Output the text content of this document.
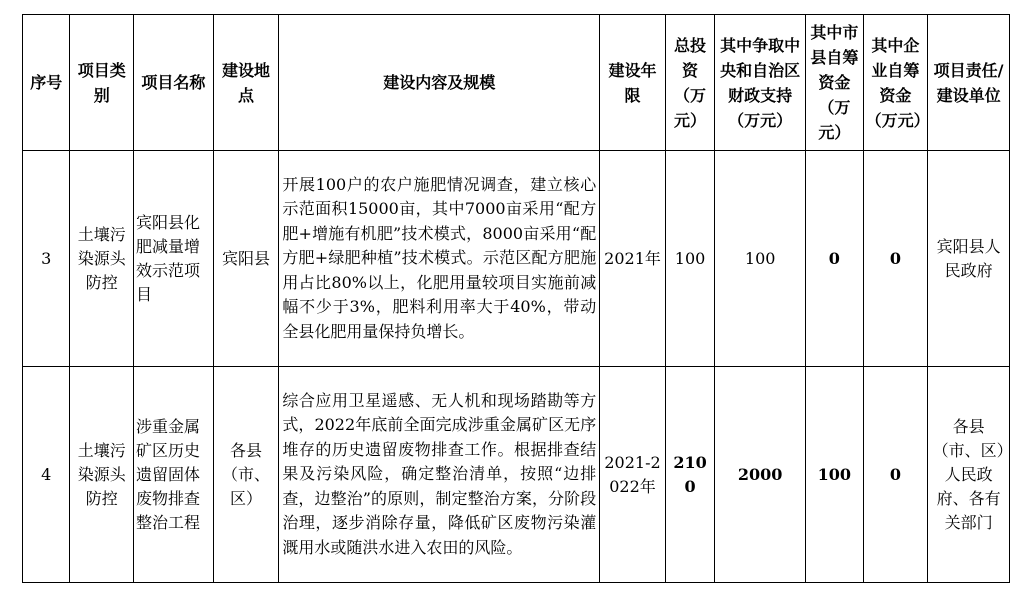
序号	项目类别	项目名称	建设地点	建设内容及规模	建设年限	总投资（万元）	其中争取中央和自治区财政支持（万元）	其中市县自筹资金（万元）	其中企业自筹资金（万元）	项目责任/建设单位
3	土壤污染源头防控	宾阳县化肥减量增效示范项目	宾阳县	开展100户的农户施肥情况调查，建立核心示范面积15000亩，其中7000亩采用“配方肥+增施有机肥”技术模式，8000亩采用“配方肥+绿肥种植”技术模式。示范区配方肥施用占比80%以上，化肥用量较项目实施前减幅不少于3%，肥料利用率大于40%，带动全县化肥用量保持负增长。	2021年	100	100	0	0	宾阳县人民政府
4	土壤污染源头防控	涉重金属矿区历史遗留固体废物排查整治工程	各县（市、区）	综合应用卫星遥感、无人机和现场踏勘等方式，2022年底前全面完成涉重金属矿区无序堆存的历史遗留废物排查工作。根据排查结果及污染风险，确定整治清单，按照“边排查，边整治”的原则，制定整治方案，分阶段治理，逐步消除存量，降低矿区废物污染灌溉用水或随洪水进入农田的风险。	2021-2022年	2100	2000	100	0	各县（市、区）人民政府、各有关部门
